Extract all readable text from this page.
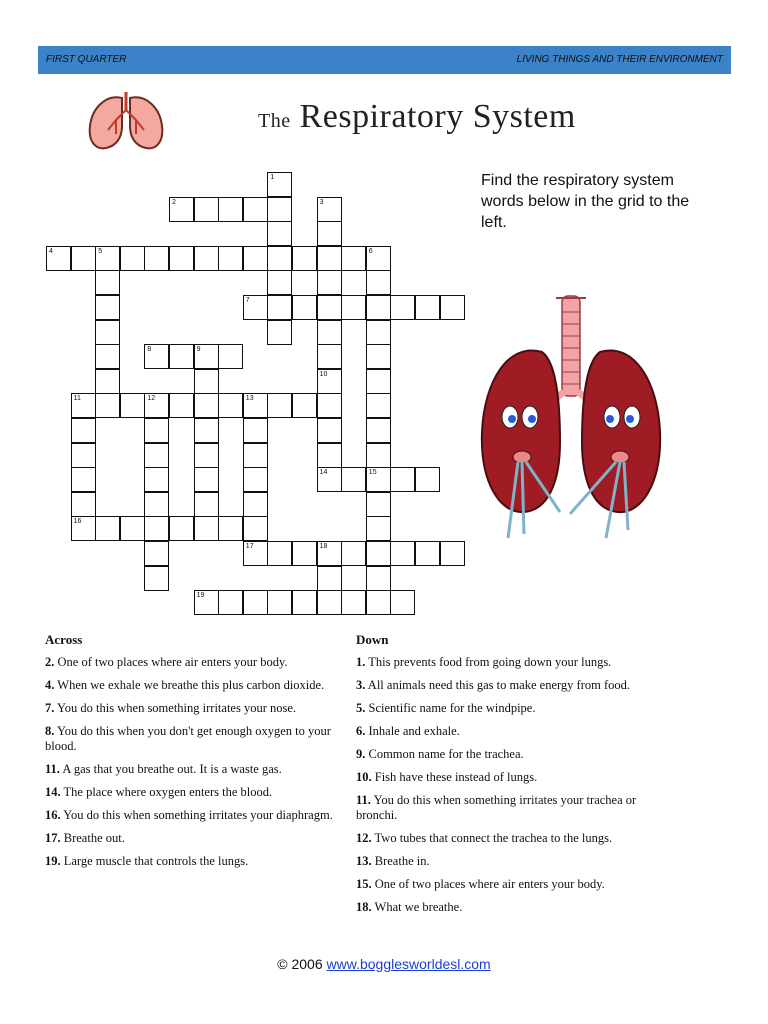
FIRST QUARTER	LIVING THINGS AND THEIR ENVIRONMENT
The Respiratory System
Find the respiratory system words below in the grid to the left.
2
4	5	6
7
8	9
11	12	13
14	15
16
17	18
19
1
3
10
Across
2. One of two places where air enters your body.
4. When we exhale we breathe this plus carbon dioxide.
7. You do this when something irritates your nose.
8. You do this when you don't get enough oxygen to your blood.
11. A gas that you breathe out. It is a waste gas.
14. The place where oxygen enters the blood.
16. You do this when something irritates your diaphragm.
17. Breathe out.
19. Large muscle that controls the lungs.
Down
1. This prevents food from going down your lungs.
3. All animals need this gas to make energy from food.
5. Scientific name for the windpipe.
6. Inhale and exhale.
9. Common name for the trachea.
10. Fish have these instead of lungs.
11. You do this when something irritates your trachea or bronchi.
12. Two tubes that connect the trachea to the lungs.
13. Breathe in.
15. One of two places where air enters your body.
18. What we breathe.
© 2006 www.bogglesworldesl.com
